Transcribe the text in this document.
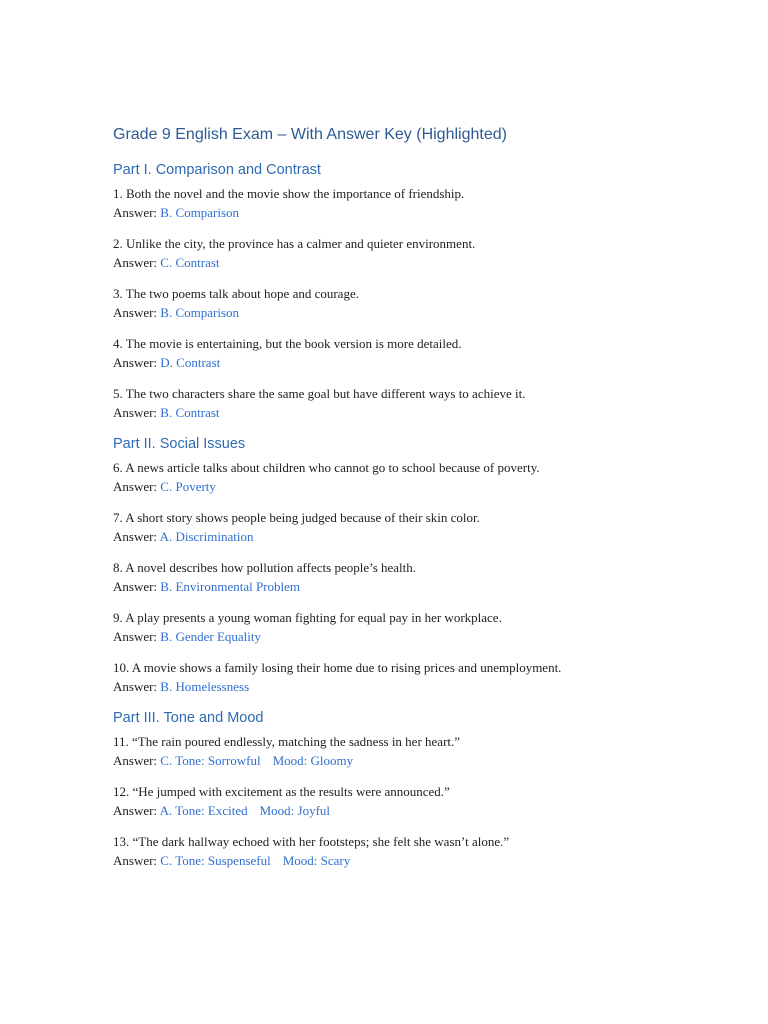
Grade 9 English Exam – With Answer Key (Highlighted)
Part I. Comparison and Contrast

1. Both the novel and the movie show the importance of friendship.

Answer: B. Comparison

2. Unlike the city, the province has a calmer and quieter environment.

Answer: C. Contrast

3. The two poems talk about hope and courage.

Answer: B. Comparison

4. The movie is entertaining, but the book version is more detailed.

Answer: D. Contrast

5. The two characters share the same goal but have different ways to achieve it.

Answer: B. Contrast

Part II. Social Issues

6. A news article talks about children who cannot go to school because of poverty.

Answer: C. Poverty

7. A short story shows people being judged because of their skin color.

Answer: A. Discrimination

8. A novel describes how pollution affects people’s health.

Answer: B. Environmental Problem

9. A play presents a young woman fighting for equal pay in her workplace.

Answer: B. Gender Equality

10. A movie shows a family losing their home due to rising prices and unemployment.

Answer: B. Homelessness

Part III. Tone and Mood

11. “The rain poured endlessly, matching the sadness in her heart.”

Answer: C. Tone: Sorrowful Mood: Gloomy

12. “He jumped with excitement as the results were announced.”

Answer: A. Tone: Excited Mood: Joyful

13. “The dark hallway echoed with her footsteps; she felt she wasn’t alone.”

Answer: C. Tone: Suspenseful Mood: Scary
